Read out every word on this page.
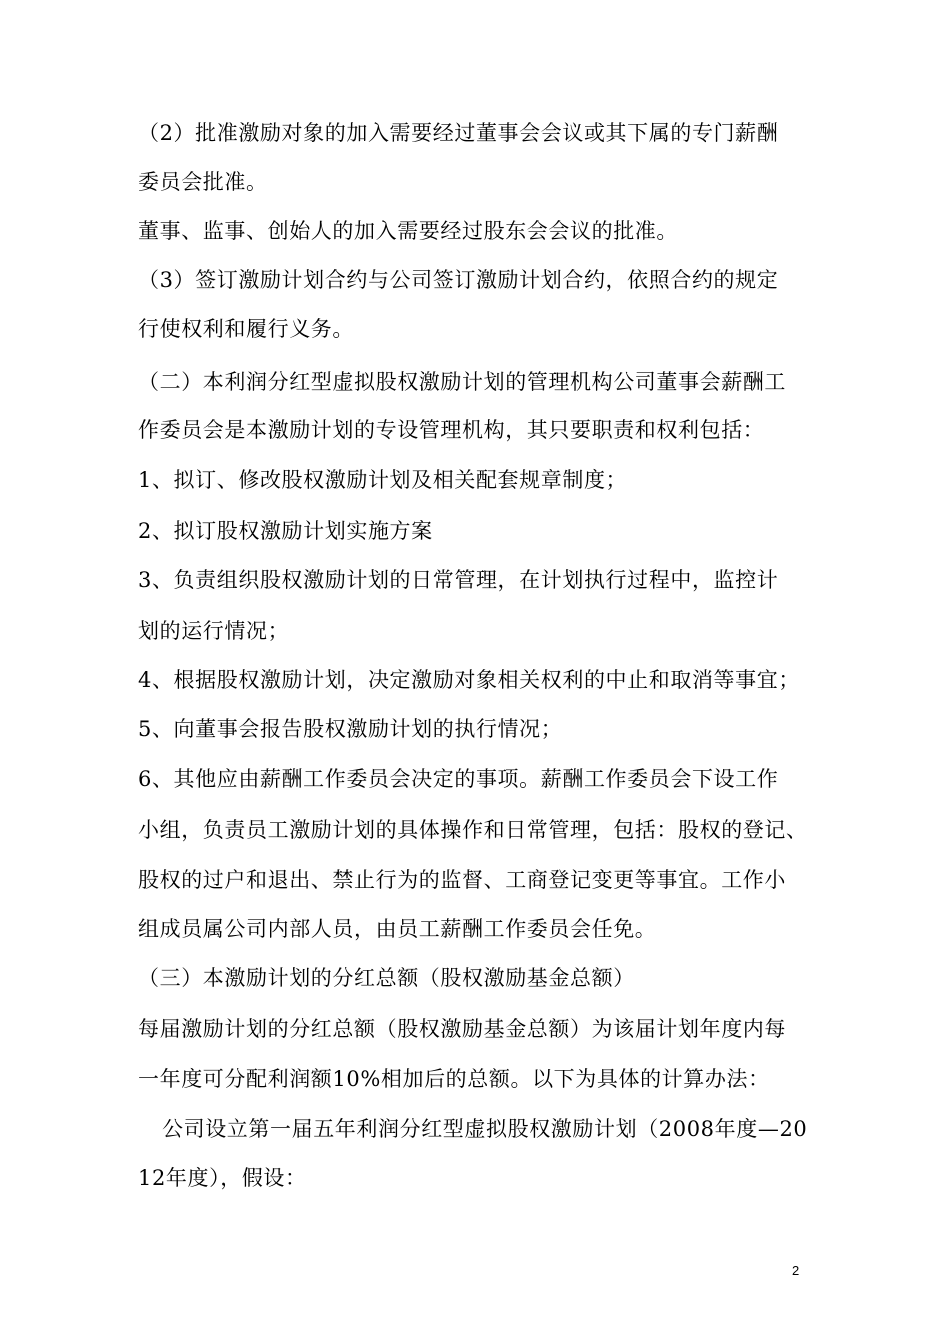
（2）批准激励对象的加入需要经过董事会会议或其下属的专门薪酬
委员会批准。
董事、监事、创始人的加入需要经过股东会会议的批准。
（3）签订激励计划合约与公司签订激励计划合约，依照合约的规定
行使权利和履行义务。
（二）本利润分红型虚拟股权激励计划的管理机构公司董事会薪酬工
作委员会是本激励计划的专设管理机构，其只要职责和权利包括：
1、拟订、修改股权激励计划及相关配套规章制度；
2、拟订股权激励计划实施方案
3、负责组织股权激励计划的日常管理，在计划执行过程中，监控计
划的运行情况；
4、根据股权激励计划，决定激励对象相关权利的中止和取消等事宜；
5、向董事会报告股权激励计划的执行情况；
6、其他应由薪酬工作委员会决定的事项。薪酬工作委员会下设工作
小组，负责员工激励计划的具体操作和日常管理，包括：股权的登记、
股权的过户和退出、禁止行为的监督、工商登记变更等事宜。工作小
组成员属公司内部人员，由员工薪酬工作委员会任免。
（三）本激励计划的分红总额（股权激励基金总额）
每届激励计划的分红总额（股权激励基金总额）为该届计划年度内每
一年度可分配利润额10%相加后的总额。以下为具体的计算办法：
公司设立第一届五年利润分红型虚拟股权激励计划（2008年度—20
12年度），假设：
2
